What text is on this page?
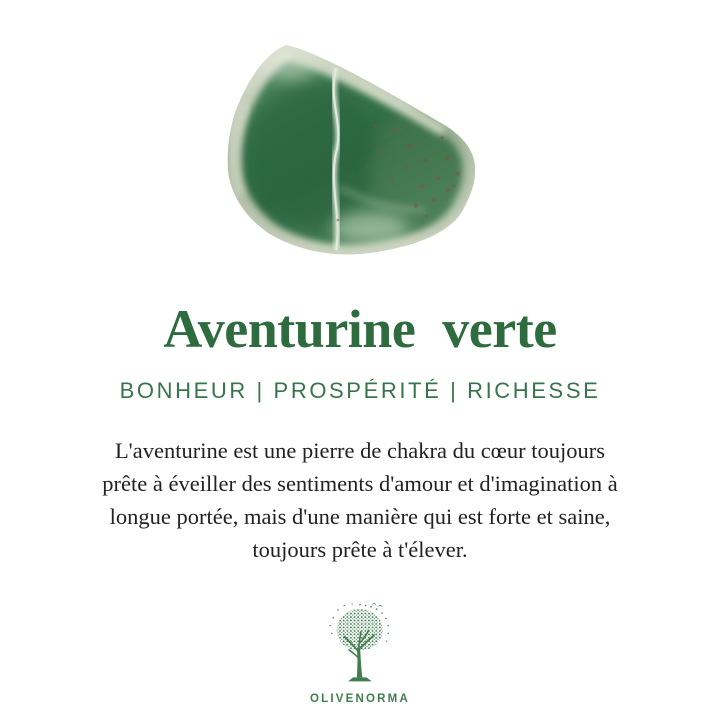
Aventurine verte
BONHEUR | PROSPÉRITÉ | RICHESSE
L'aventurine est une pierre de chakra du cœur toujours
prête à éveiller des sentiments d'amour et d'imagination à
longue portée, mais d'une manière qui est forte et saine,
toujours prête à t'élever.
OLIVENORMA
